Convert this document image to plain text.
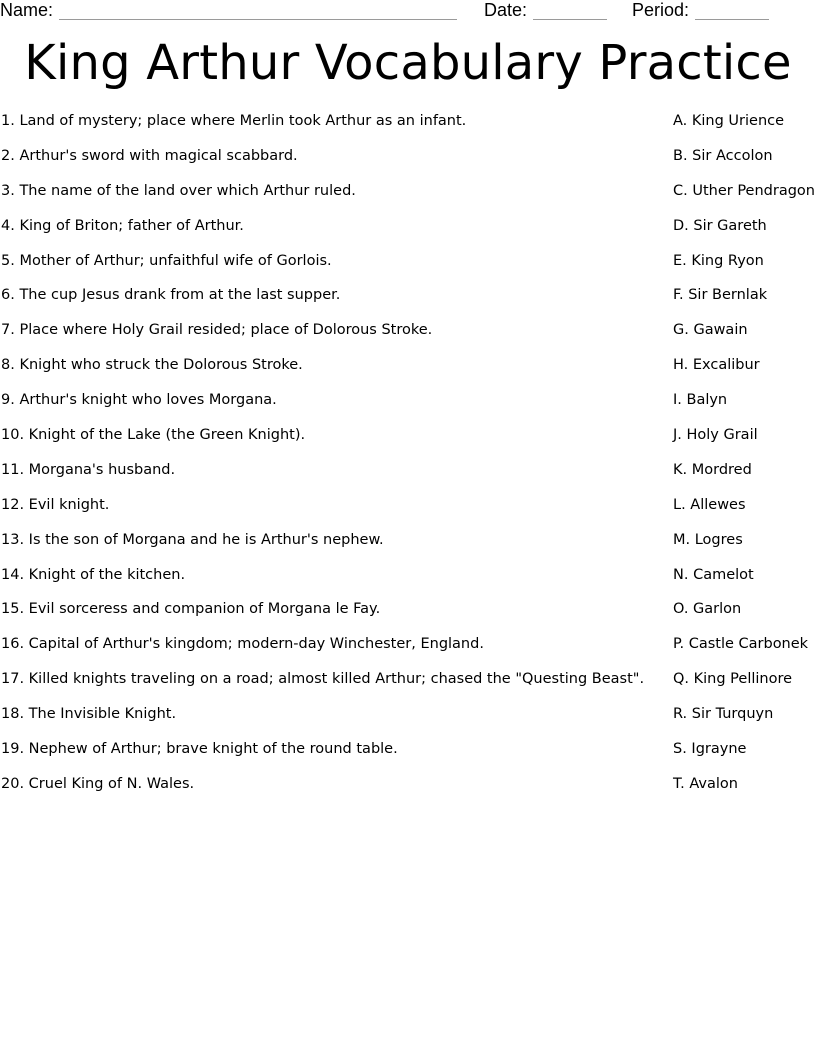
Name:	Date:	Period:
King Arthur Vocabulary Practice
1. Land of mystery; place where Merlin took Arthur as an infant.	A. King Urience
2. Arthur's sword with magical scabbard.	B. Sir Accolon
3. The name of the land over which Arthur ruled.	C. Uther Pendragon
4. King of Briton; father of Arthur.	D. Sir Gareth
5. Mother of Arthur; unfaithful wife of Gorlois.	E. King Ryon
6. The cup Jesus drank from at the last supper.	F. Sir Bernlak
7. Place where Holy Grail resided; place of Dolorous Stroke.	G. Gawain
8. Knight who struck the Dolorous Stroke.	H. Excalibur
9. Arthur's knight who loves Morgana.	I. Balyn
10. Knight of the Lake (the Green Knight).	J. Holy Grail
11. Morgana's husband.	K. Mordred
12. Evil knight.	L. Allewes
13. Is the son of Morgana and he is Arthur's nephew.	M. Logres
14. Knight of the kitchen.	N. Camelot
15. Evil sorceress and companion of Morgana le Fay.	O. Garlon
16. Capital of Arthur's kingdom; modern-day Winchester, England.	P. Castle Carbonek
17. Killed knights traveling on a road; almost killed Arthur; chased the "Questing Beast". Q. King Pellinore
18. The Invisible Knight.	R. Sir Turquyn
19. Nephew of Arthur; brave knight of the round table.	S. Igrayne
20. Cruel King of N. Wales.	T. Avalon
